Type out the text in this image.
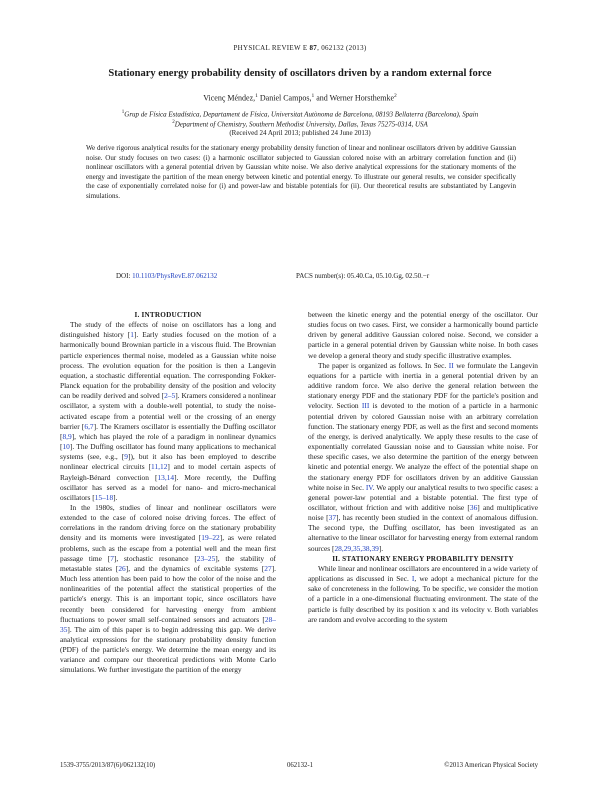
PHYSICAL REVIEW E 87, 062132 (2013)
Stationary energy probability density of oscillators driven by a random external force
Vicenç Méndez,$^1$ Daniel Campos,$^1$ and Werner Horsthemke$^2$
$^1$Grup de Física Estadística, Departament de Física, Universitat Autònoma de Barcelona, 08193 Bellaterra (Barcelona), Spain
$^2$Department of Chemistry, Southern Methodist University, Dallas, Texas 75275-0314, USA
(Received 24 April 2013; published 24 June 2013)
We derive rigorous analytical results for the stationary energy probability density function of linear and nonlinear oscillators driven by additive Gaussian noise. Our study focuses on two cases: (i) a harmonic oscillator subjected to Gaussian colored noise with an arbitrary correlation function and (ii) nonlinear oscillators with a general potential driven by Gaussian white noise. We also derive analytical expressions for the stationary moments of the energy and investigate the partition of the mean energy between kinetic and potential energy. To illustrate our general results, we consider specifically the case of exponentially correlated noise for (i) and power-law and bistable potentials for (ii). Our theoretical results are substantiated by Langevin simulations.
DOI: 10.1103/PhysRevE.87.062132	PACS number(s): 05.40.Ca, 05.10.Gg, 02.50.−r

I. INTRODUCTION

The study of the effects of noise on oscillators has a long and distinguished history [1]. Early studies focused on the motion of a harmonically bound Brownian particle in a viscous fluid. The Brownian particle experiences thermal noise, modeled as a Gaussian white noise process. The evolution equation for the position is then a Langevin equation, a stochastic differential equation. The corresponding Fokker-Planck equation for the probability density of the position and velocity can be readily derived and solved [2–5]. Kramers considered a nonlinear oscillator, a system with a double-well potential, to study the noise-activated escape from a potential well or the crossing of an energy barrier [6,7]. The Kramers oscillator is essentially the Duffing oscillator [8,9], which has played the role of a paradigm in nonlinear dynamics [10]. The Duffing oscillator has found many applications to mechanical systems (see, e.g., [9]), but it also has been employed to describe nonlinear electrical circuits [11,12] and to model certain aspects of Rayleigh-Bénard convection [13,14]. More recently, the Duffing oscillator has served as a model for nano- and micro-mechanical oscillators [15–18].

In the 1980s, studies of linear and nonlinear oscillators were extended to the case of colored noise driving forces. The effect of correlations in the random driving force on the stationary probability density and its moments were investigated [19–22], as were related problems, such as the escape from a potential well and the mean first passage time [7], stochastic resonance [23–25], the stability of metastable states [26], and the dynamics of excitable systems [27]. Much less attention has been paid to how the color of the noise and the nonlinearities of the potential affect the statistical properties of the particle's energy. This is an important topic, since oscillators have recently been considered for harvesting energy from ambient fluctuations to power small self-contained sensors and actuators [28–35]. The aim of this paper is to begin addressing this gap. We derive analytical expressions for the stationary probability density function (PDF) of the particle's energy. We determine the mean energy and its variance and compare our theoretical predictions with Monte Carlo simulations. We further investigate the partition of the energy

between the kinetic energy and the potential energy of the oscillator. Our studies focus on two cases. First, we consider a harmonically bound particle driven by general additive Gaussian colored noise. Second, we consider a particle in a general potential driven by Gaussian white noise. In both cases we develop a general theory and study specific illustrative examples.

The paper is organized as follows. In Sec. II we formulate the Langevin equations for a particle with inertia in a general potential driven by an additive random force. We also derive the general relation between the stationary energy PDF and the stationary PDF for the particle's position and velocity. Section III is devoted to the motion of a particle in a harmonic potential driven by colored Gaussian noise with an arbitrary correlation function. The stationary energy PDF, as well as the first and second moments of the energy, is derived analytically. We apply these results to the case of exponentially correlated Gaussian noise and to Gaussian white noise. For these specific cases, we also determine the partition of the energy between kinetic and potential energy. We analyze the effect of the potential shape on the stationary energy PDF for oscillators driven by an additive Gaussian white noise in Sec. IV. We apply our analytical results to two specific cases: a general power-law potential and a bistable potential. The first type of oscillator, without friction and with additive noise [36] and multiplicative noise [37], has recently been studied in the context of anomalous diffusion. The second type, the Duffing oscillator, has been investigated as an alternative to the linear oscillator for harvesting energy from external random sources [28,29,35,38,39].

II. STATIONARY ENERGY PROBABILITY DENSITY

While linear and nonlinear oscillators are encountered in a wide variety of applications as discussed in Sec. I, we adopt a mechanical picture for the sake of concreteness in the following. To be specific, we consider the motion of a particle in a one-dimensional fluctuating environment. The state of the particle is fully described by its position x and its velocity v. Both variables are random and evolve according to the system

1539-3755/2013/87(6)/062132(10)	062132-1	©2013 American Physical Society
